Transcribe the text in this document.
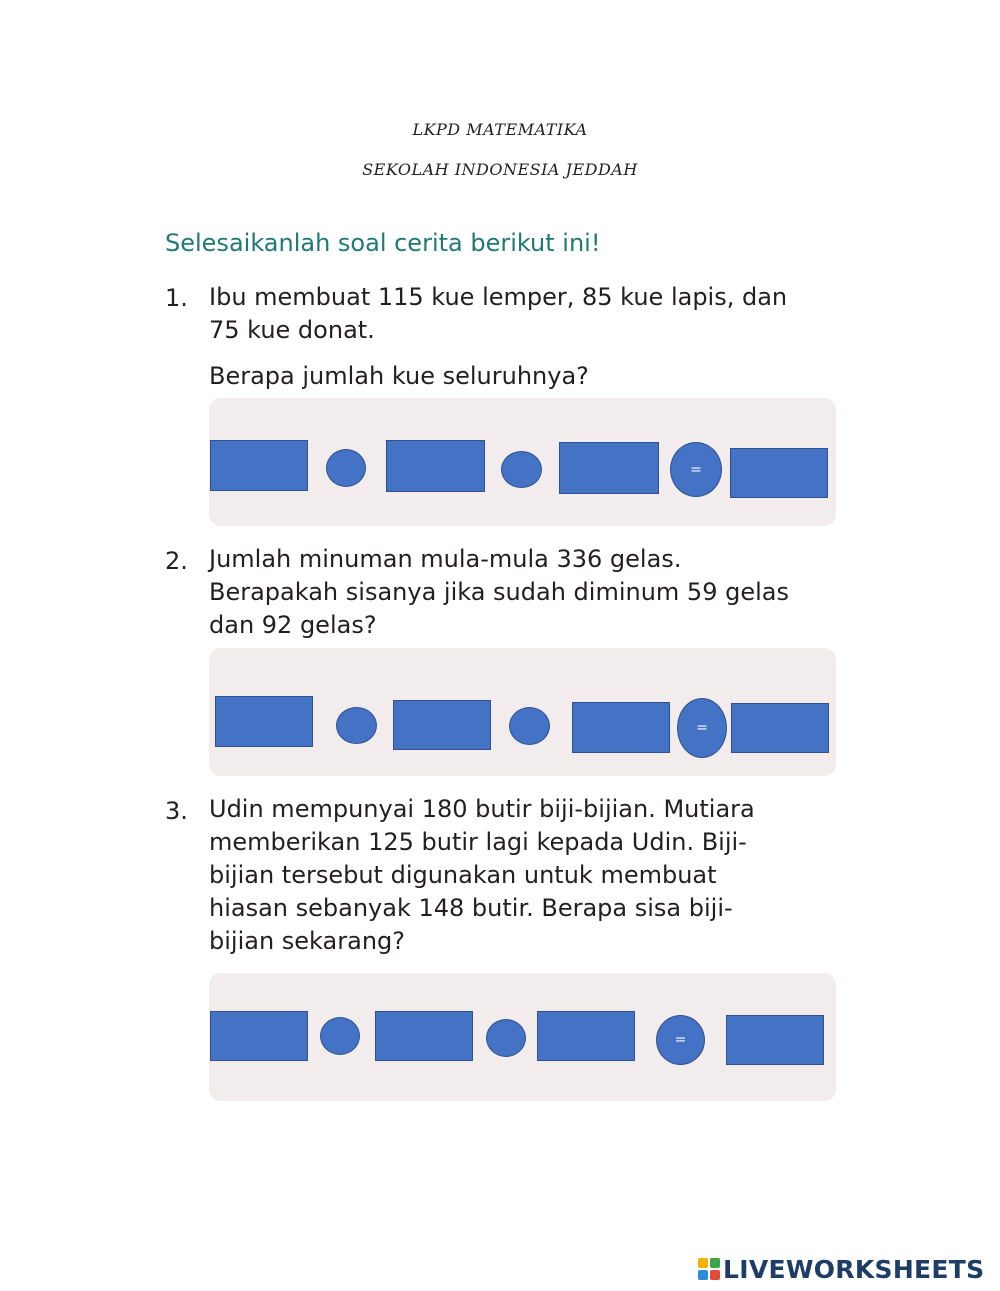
LKPD MATEMATIKA
SEKOLAH INDONESIA JEDDAH
Selesaikanlah soal cerita berikut ini!
1. Ibu membuat 115 kue lemper, 85 kue lapis, dan
75 kue donat.
Berapa jumlah kue seluruhnya?
=
2. Jumlah minuman mula-mula 336 gelas.
Berapakah sisanya jika sudah diminum 59 gelas
dan 92 gelas?
=
3. Udin mempunyai 180 butir biji-bijian. Mutiara
memberikan 125 butir lagi kepada Udin. Biji-
bijian tersebut digunakan untuk membuat
hiasan sebanyak 148 butir. Berapa sisa biji-
bijian sekarang?
=
LIVEWORKSHEETS
